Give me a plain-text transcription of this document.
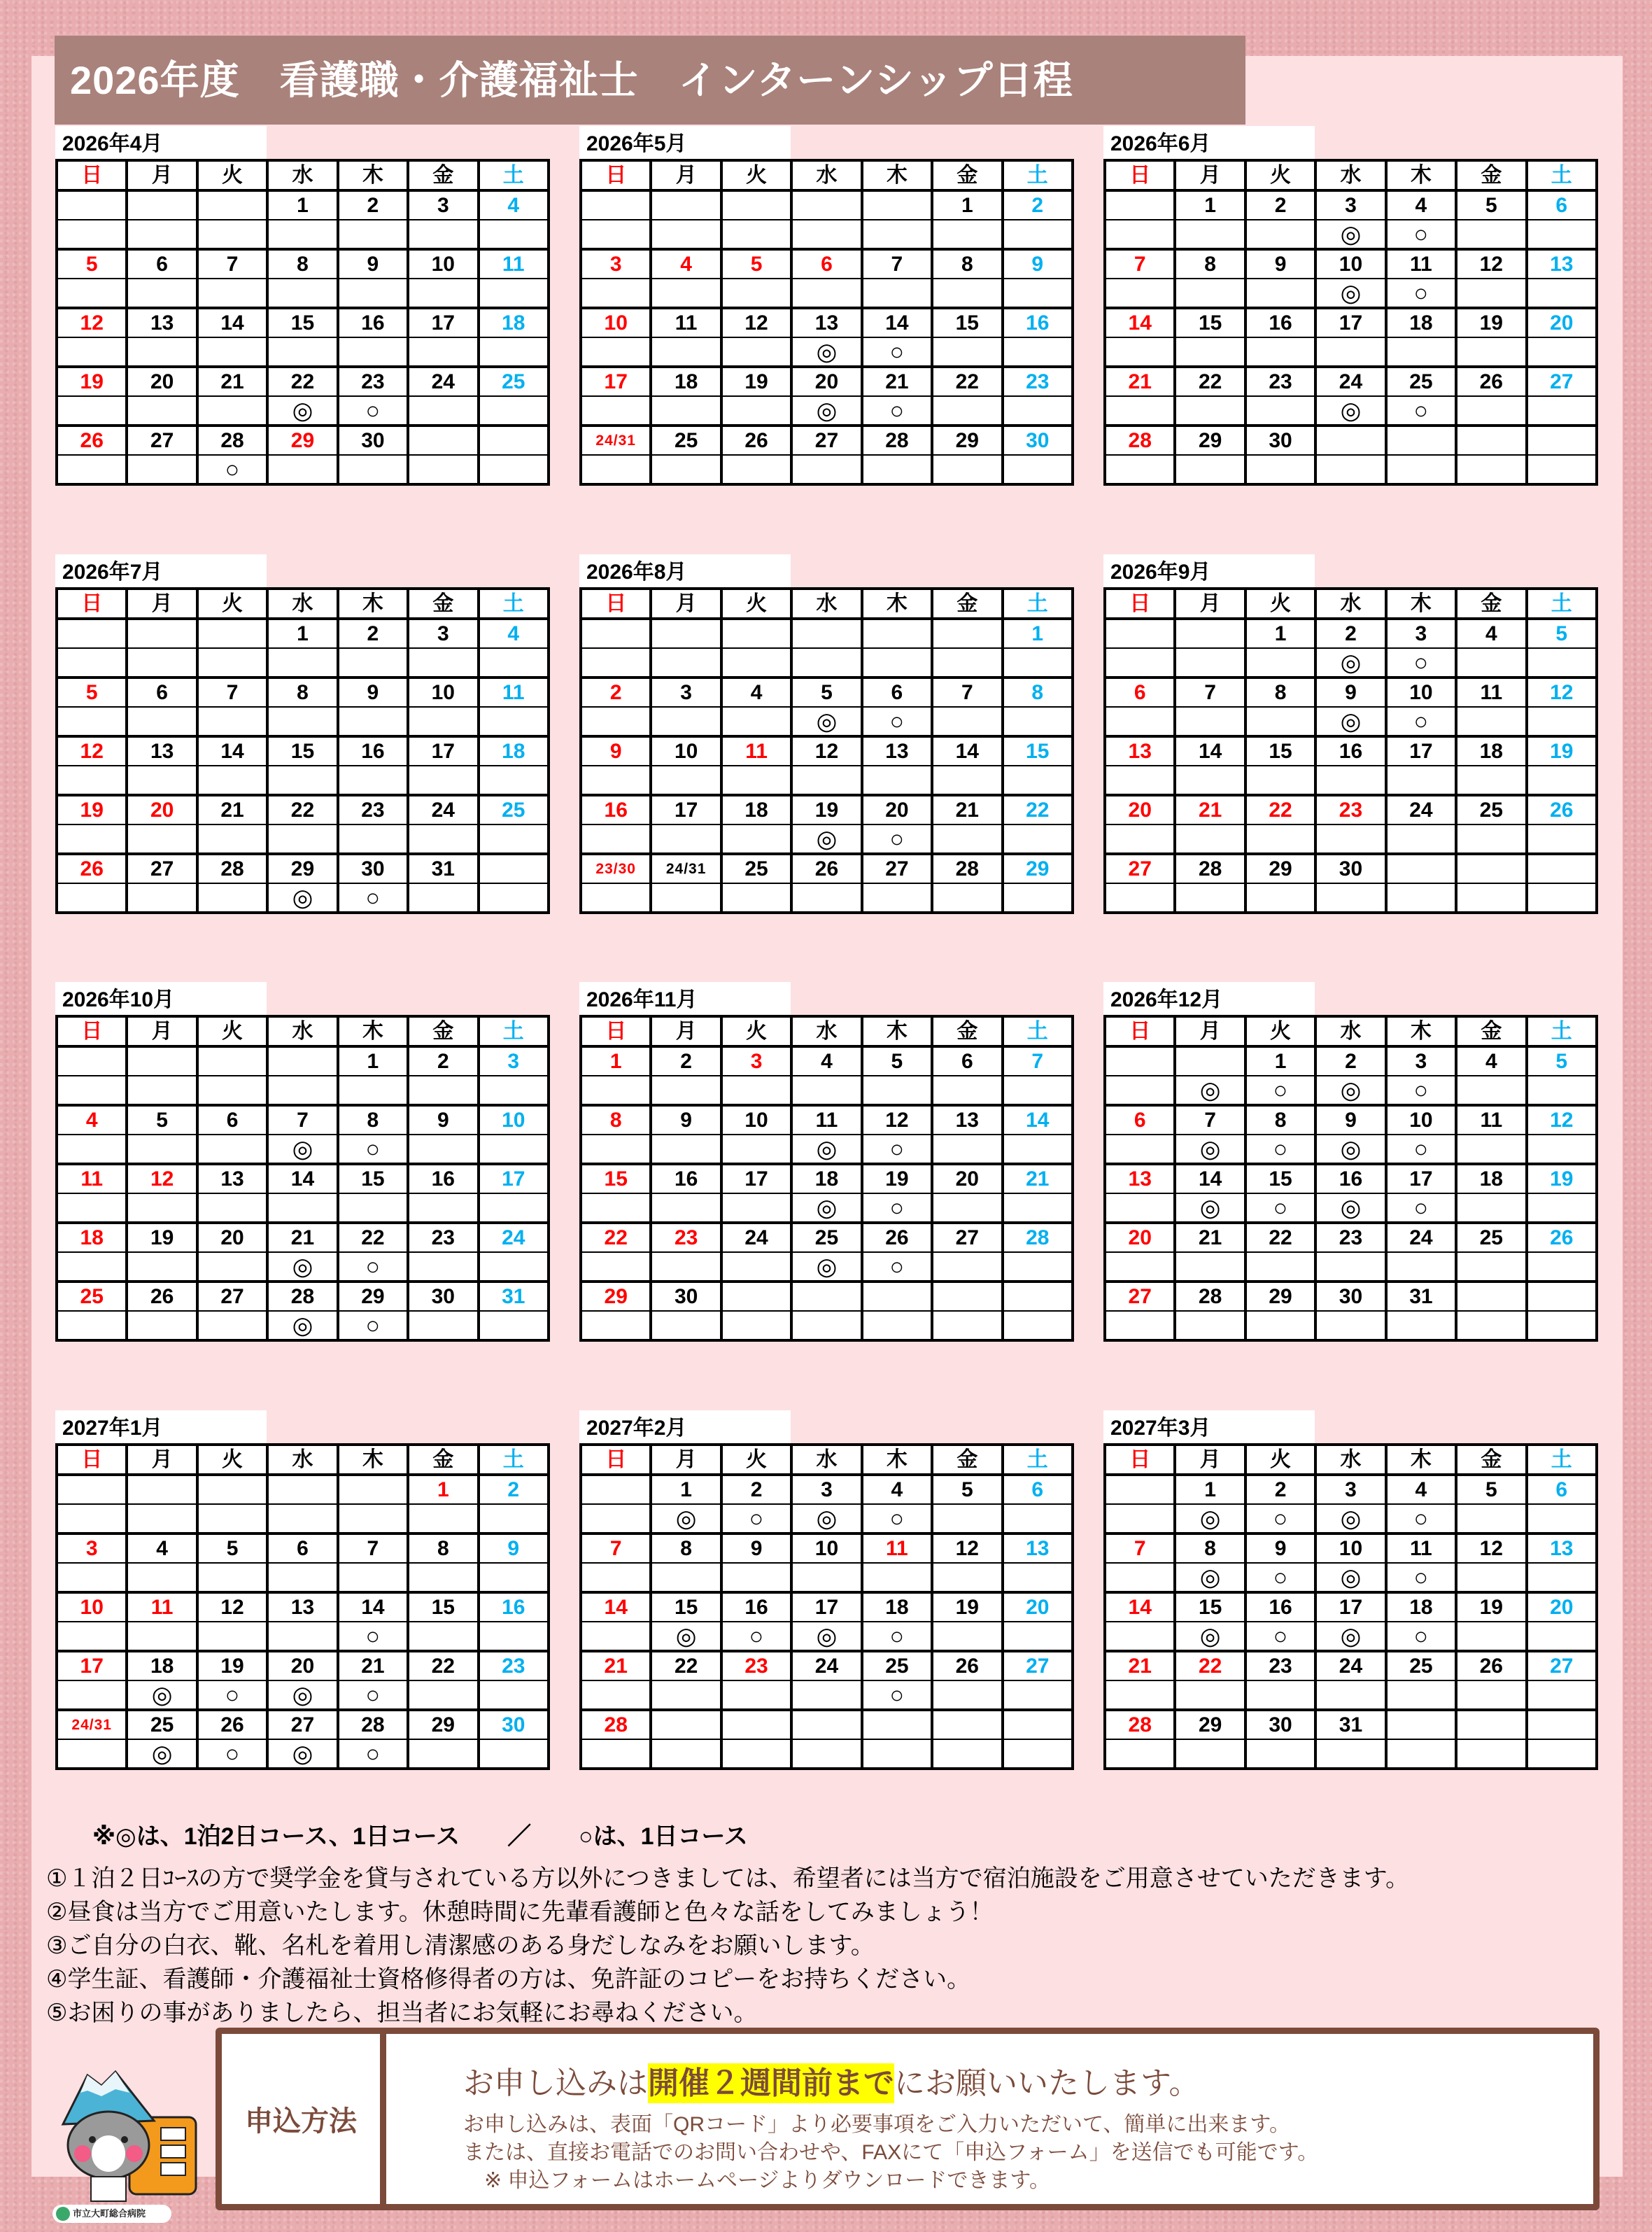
2026年度　看護職・介護福祉士　インターンシップ日程
2026年4月
日	月	火	水	木	金	土
			1	2	3	4

5	6	7	8	9	10	11

12	13	14	15	16	17	18

19	20	21	22	23	24	25
			◎	○		
26	27	28	29	30		
		○				
2026年5月
日	月	火	水	木	金	土
					1	2

3	4	5	6	7	8	9

10	11	12	13	14	15	16
			◎	○		
17	18	19	20	21	22	23
			◎	○		
24/31	25	26	27	28	29	30

2026年6月
日	月	火	水	木	金	土
	1	2	3	4	5	6
			◎	○		
7	8	9	10	11	12	13
			◎	○		
14	15	16	17	18	19	20

21	22	23	24	25	26	27
			◎	○		
28	29	30				

2026年7月
日	月	火	水	木	金	土
			1	2	3	4

5	6	7	8	9	10	11

12	13	14	15	16	17	18

19	20	21	22	23	24	25

26	27	28	29	30	31	
			◎	○		
2026年8月
日	月	火	水	木	金	土
						1

2	3	4	5	6	7	8
			◎	○		
9	10	11	12	13	14	15

16	17	18	19	20	21	22
			◎	○		
23/30	24/31	25	26	27	28	29

2026年9月
日	月	火	水	木	金	土
		1	2	3	4	5
			◎	○		
6	7	8	9	10	11	12
			◎	○		
13	14	15	16	17	18	19

20	21	22	23	24	25	26

27	28	29	30			

2026年10月
日	月	火	水	木	金	土
				1	2	3

4	5	6	7	8	9	10
			◎	○		
11	12	13	14	15	16	17

18	19	20	21	22	23	24
			◎	○		
25	26	27	28	29	30	31
			◎	○		
2026年11月
日	月	火	水	木	金	土
1	2	3	4	5	6	7

8	9	10	11	12	13	14
			◎	○		
15	16	17	18	19	20	21
			◎	○		
22	23	24	25	26	27	28
			◎	○		
29	30					

2026年12月
日	月	火	水	木	金	土
		1	2	3	4	5
	◎	○	◎	○		
6	7	8	9	10	11	12
	◎	○	◎	○		
13	14	15	16	17	18	19
	◎	○	◎	○		
20	21	22	23	24	25	26

27	28	29	30	31		

2027年1月
日	月	火	水	木	金	土
					1	2

3	4	5	6	7	8	9

10	11	12	13	14	15	16
				○		
17	18	19	20	21	22	23
	◎	○	◎	○		
24/31	25	26	27	28	29	30
	◎	○	◎	○		
2027年2月
日	月	火	水	木	金	土
	1	2	3	4	5	6
	◎	○	◎	○		
7	8	9	10	11	12	13

14	15	16	17	18	19	20
	◎	○	◎	○		
21	22	23	24	25	26	27
				○		
28						

2027年3月
日	月	火	水	木	金	土
	1	2	3	4	5	6
	◎	○	◎	○		
7	8	9	10	11	12	13
	◎	○	◎	○		
14	15	16	17	18	19	20
	◎	○	◎	○		
21	22	23	24	25	26	27

28	29	30	31			

※◎は、1泊2日コース、1日コース　　／　　○は、1日コース
①１泊２日ｺｰｽの方で奨学金を貸与されている方以外につきましては、希望者には当方で宿泊施設をご用意させていただきます。
②昼食は当方でご用意いたします。休憩時間に先輩看護師と色々な話をしてみましょう！
③ご自分の白衣、靴、名札を着用し清潔感のある身だしなみをお願いします。
④学生証、看護師・介護福祉士資格修得者の方は、免許証のコピーをお持ちください。
⑤お困りの事がありましたら、担当者にお気軽にお尋ねください。
申込方法
お申し込みは開催２週間前までにお願いいたします。
お申し込みは、表面「QRコード」より必要事項をご入力いただいて、簡単に出来ます。
または、直接お電話でのお問い合わせや、FAXにて「申込フォーム」を送信でも可能です。
※ 申込フォームはホームページよりダウンロードできます。
市立大町総合病院
